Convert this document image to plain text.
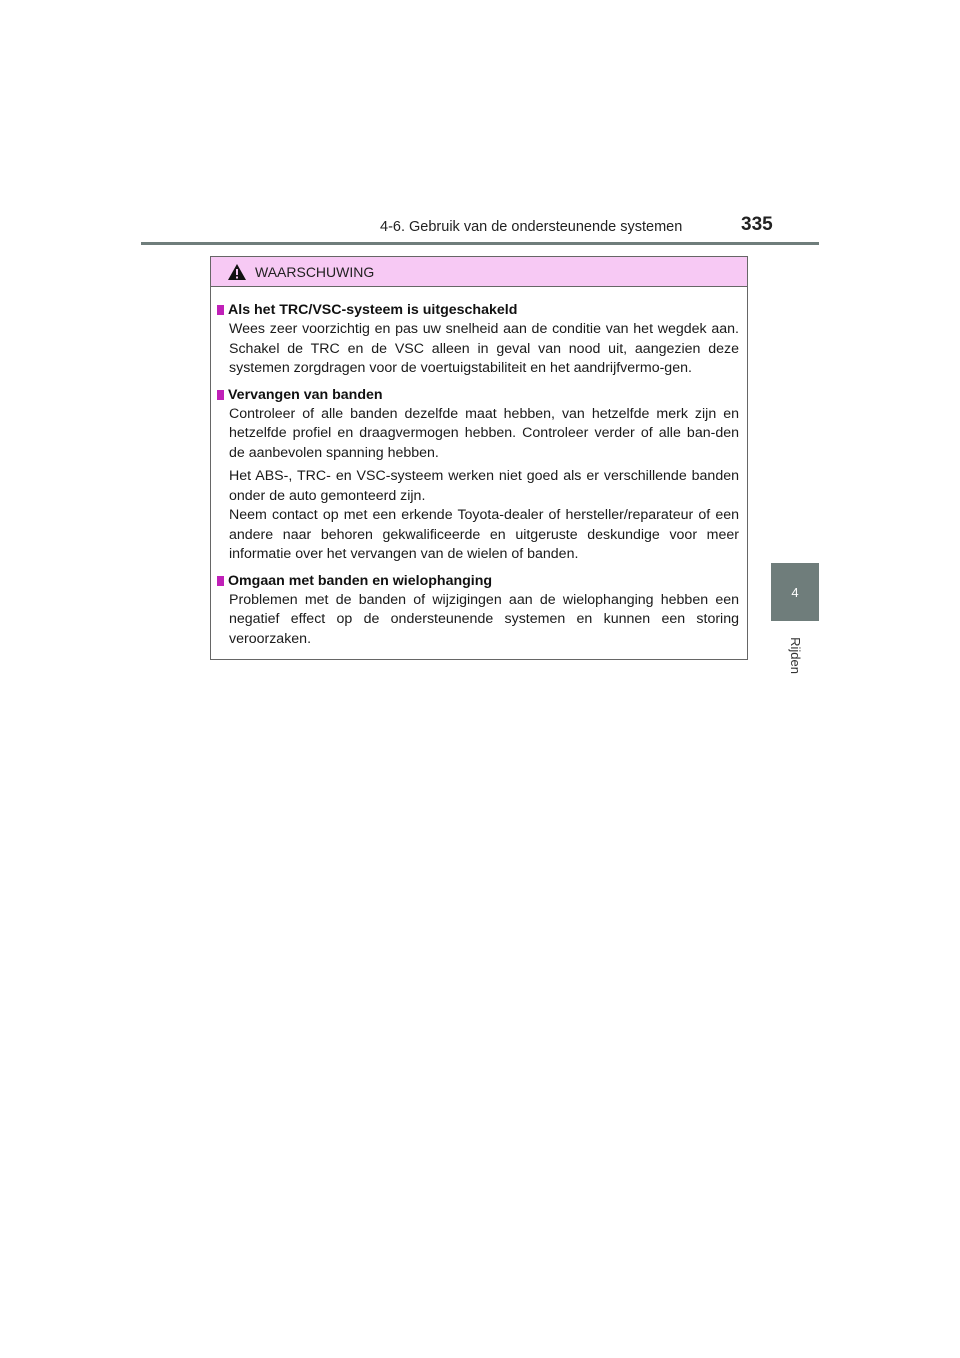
4-6. Gebruik van de ondersteunende systemen	335
4
Rijden
WAARSCHUWING
Als het TRC/VSC-systeem is uitgeschakeld

Wees zeer voorzichtig en pas uw snelheid aan de conditie van het wegdek aan. Schakel de TRC en de VSC alleen in geval van nood uit, aangezien deze systemen zorgdragen voor de voertuigstabiliteit en het aandrijfvermo-gen.

Vervangen van banden

Controleer of alle banden dezelfde maat hebben, van hetzelfde merk zijn en hetzelfde profiel en draagvermogen hebben. Controleer verder of alle ban-den de aanbevolen spanning hebben.

Het ABS-, TRC- en VSC-systeem werken niet goed als er verschillende banden onder de auto gemonteerd zijn.
Neem contact op met een erkende Toyota-dealer of hersteller/reparateur of een andere naar behoren gekwalificeerde en uitgeruste deskundige voor meer informatie over het vervangen van de wielen of banden.

Omgaan met banden en wielophanging

Problemen met de banden of wijzigingen aan de wielophanging hebben een negatief effect op de ondersteunende systemen en kunnen een storing veroorzaken.
